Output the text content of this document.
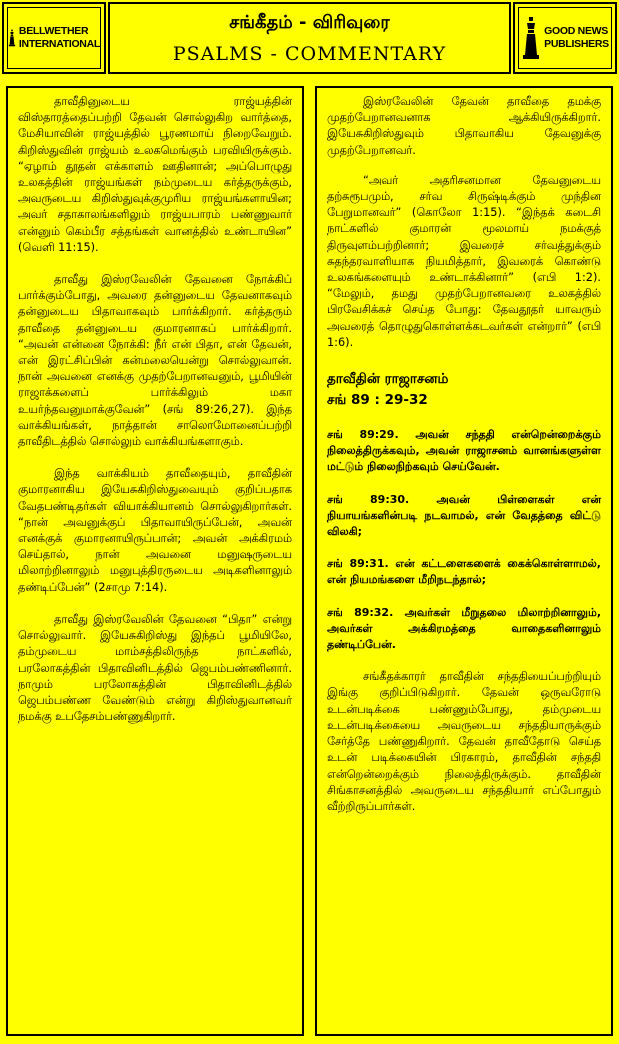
BELLWETHER
INTERNATIONAL
சங்கீதம் - விரிவுரை
PSALMS - COMMENTARY
GOOD NEWS
PUBLISHERS

தாவீதினுடைய ராஜ்யத்தின் விஸ்தாரத்தைப்பற்றி தேவன் சொல்லுகிற வார்த்தை, மேசியாவின் ராஜ்யத்தில் பூரணமாய் நிறைவேறும். கிறிஸ்துவின் ராஜ்யம் உலகமெங்கும் பரவியிருக்கும். “ஏழாம் தூதன் எக்காளம் ஊதினான்; அப்பொழுது உலகத்தின் ராஜ்யங்கள் நம்முடைய கர்த்தருக்கும், அவருடைய கிறிஸ்துவுக்குமுரிய ராஜ்யங்களாயின; அவர் சதாகாலங்களிலும் ராஜ்யபாரம் பண்ணுவார் என்னும் கெம்பீர சத்தங்கள் வானத்தில் உண்டாயின” (வெளி 11:15).

தாவீது இஸ்ரவேலின் தேவனை நோக்கிப் பார்க்கும்போது, அவரை தன்னுடைய தேவனாகவும் தன்னுடைய பிதாவாகவும் பார்க்கிறார். கர்த்தரும் தாவீதை தன்னுடைய குமாரனாகப் பார்க்கிறார். “அவன் என்னை நோக்கி: நீர் என் பிதா, என் தேவன், என் இரட்சிப்பின் கன்மலையென்று சொல்லுவான். நான் அவனை எனக்கு முதற்பேறானவனும், பூமியின் ராஜாக்களைப் பார்க்கிலும் மகா உயர்ந்தவனுமாக்குவேன்” (சங் 89:26,27). இந்த வாக்கியங்கள், நாத்தான் சாலொமோனைப்பற்றி தாவீதிடத்தில் சொல்லும் வாக்கியங்களாகும்.

இந்த வாக்கியம் தாவீதையும், தாவீதின் குமாரனாகிய இயேசுகிறிஸ்துவையும் குறிப்பதாக வேதபண்டிதர்கள் வியாக்கியானம் சொல்லுகிறார்கள். “நான் அவனுக்குப் பிதாவாயிருப்பேன், அவன் எனக்குக் குமாரனாயிருப்பான்; அவன் அக்கிரமம் செய்தால், நான் அவனை மனுஷருடைய மிலாற்றினாலும் மனுபுத்திரருடைய அடிகளினாலும் தண்டிப்பேன்” (2சாமு 7:14).

தாவீது இஸ்ரவேலின் தேவனை “பிதா” என்று சொல்லுவார். இயேசுகிறிஸ்து இந்தப் பூமியிலே, தம்முடைய மாம்சத்திலிருந்த நாட்களில், பரலோகத்தின் பிதாவினிடத்தில் ஜெபம்பண்ணினார். நாமும் பரலோகத்தின் பிதாவினிடத்தில் ஜெபம்பண்ண வேண்டும் என்று கிறிஸ்துவானவர் நமக்கு உபதேசம்பண்ணுகிறார்.

இஸ்ரவேலின் தேவன் தாவீதை தமக்கு முதற்பேறானவனாக ஆக்கியிருக்கிறார். இயேசுகிறிஸ்துவும் பிதாவாகிய தேவனுக்கு முதற்பேறானவர்.

“அவர் அதரிசனமான தேவனுடைய தற்சுரூபமும், சர்வ சிருஷ்டிக்கும் முந்தின பேறுமானவர்” (கொலோ 1:15). “இந்தக் கடைசி நாட்களில் குமாரன் மூலமாய் நமக்குத் திருவுளம்பற்றினார்; இவரைச் சர்வத்துக்கும் சுதந்தரவாளியாக நியமித்தார், இவரைக் கொண்டு உலகங்களையும் உண்டாக்கினார்” (எபி 1:2). “மேலும், தமது முதற்பேறானவரை உலகத்தில் பிரவேசிக்கச் செய்த போது: தேவதூதர் யாவரும் அவரைத் தொழுதுகொள்ளக்கடவர்கள் என்றார்” (எபி 1:6).

தாவீதின் ராஜாசனம்
சங் 89 : 29-32

சங் 89:29. அவன் சந்ததி என்றென்றைக்கும் நிலைத்திருக்கவும், அவன் ராஜாசனம் வானங்களுள்ள மட்டும் நிலைநிற்கவும் செய்வேன்.

சங் 89:30. அவன் பிள்ளைகள் என் நியாயங்களின்படி நடவாமல், என் வேதத்தை விட்டு விலகி;

சங் 89:31. என் கட்டளைகளைக் கைக்கொள்ளாமல், என் நியமங்களை மீறிநடந்தால்;

சங் 89:32. அவர்கள் மீறுதலை மிலாற்றினாலும், அவர்கள் அக்கிரமத்தை வாதைகளினாலும் தண்டிப்பேன்.

சங்கீதக்காரர் தாவீதின் சந்ததியைப்பற்றியும் இங்கு குறிப்பிடுகிறார். தேவன் ஒருவரோடு உடன்படிக்கை பண்ணும்போது, தம்முடைய உடன்படிக்கையை அவருடைய சந்ததியாருக்கும் சேர்த்தே பண்ணுகிறார். தேவன் தாவீதோடு செய்த உடன் படிக்கையின் பிரகாரம், தாவீதின் சந்ததி என்றென்றைக்கும் நிலைத்திருக்கும். தாவீதின் சிங்காசனத்தில் அவருடைய சந்ததியார் எப்போதும் வீற்றிருப்பார்கள்.
